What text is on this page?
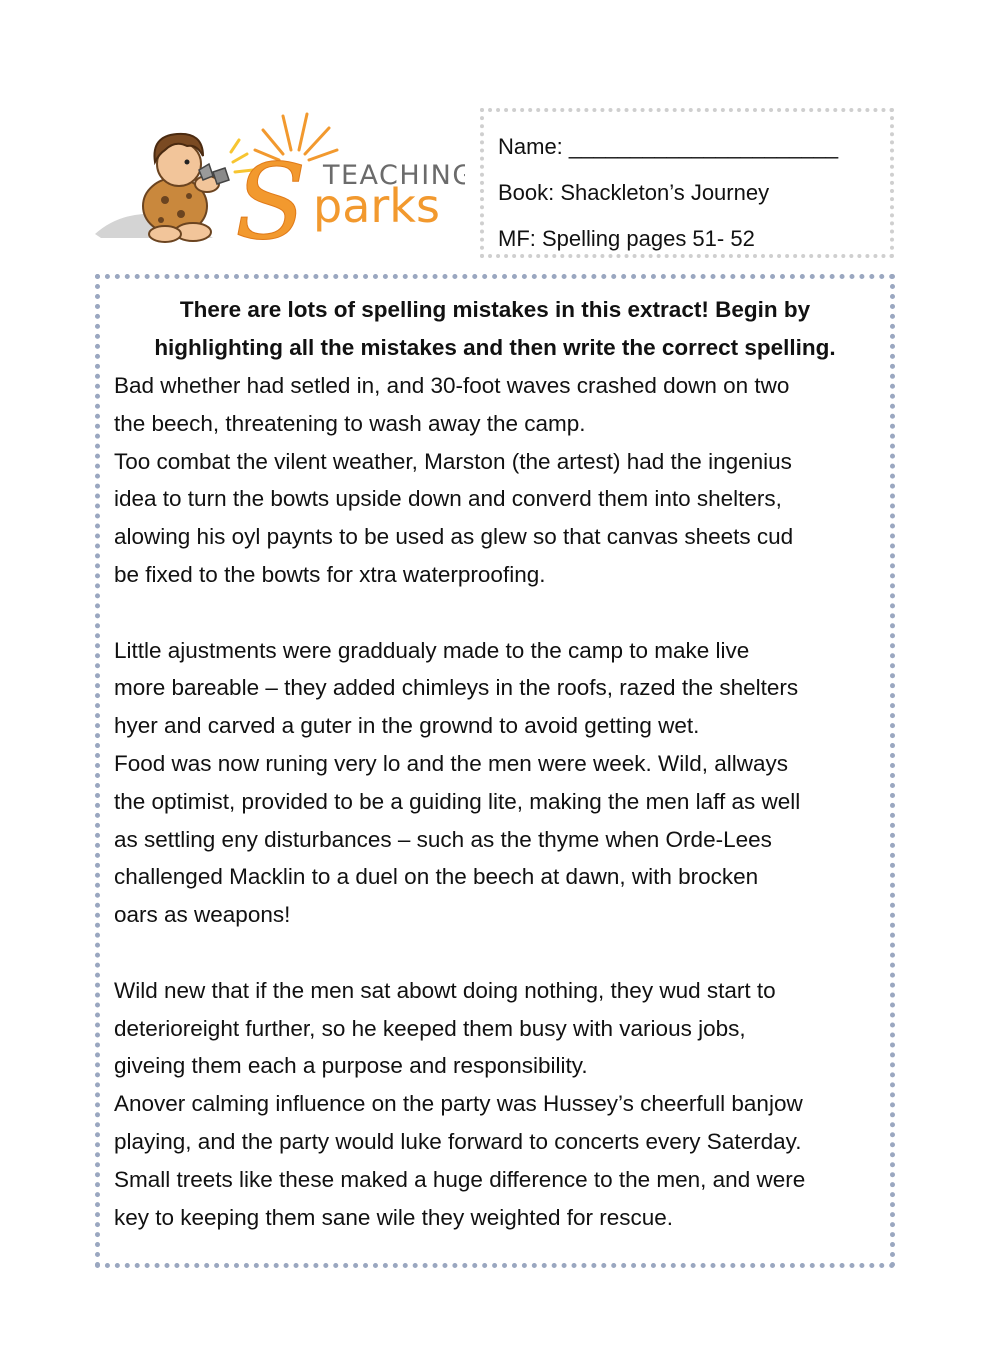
S TEACHING
parks
Name: ______________________
Book: Shackleton’s Journey
MF: Spelling pages 51- 52

There are lots of spelling mistakes in this extract! Begin by

highlighting all the mistakes and then write the correct spelling.

Bad whether had setled in, and 30-foot waves crashed down on two

the beech, threatening to wash away the camp.

Too combat the vilent weather, Marston (the artest) had the ingenius

idea to turn the bowts upside down and converd them into shelters,

alowing his oyl paynts to be used as glew so that canvas sheets cud

be fixed to the bowts for xtra waterproofing.

Little ajustments were graddualy made to the camp to make live

more bareable – they added chimleys in the roofs, razed the shelters

hyer and carved a guter in the grownd to avoid getting wet.

Food was now runing very lo and the men were week. Wild, allways

the optimist, provided to be a guiding lite, making the men laff as well

as settling eny disturbances – such as the thyme when Orde-Lees

challenged Macklin to a duel on the beech at dawn, with brocken

oars as weapons!

Wild new that if the men sat abowt doing nothing, they wud start to

deterioreight further, so he keeped them busy with various jobs,

giveing them each a purpose and responsibility.

Anover calming influence on the party was Hussey’s cheerfull banjow

playing, and the party would luke forward to concerts every Saterday.

Small treets like these maked a huge difference to the men, and were

key to keeping them sane wile they weighted for rescue.
